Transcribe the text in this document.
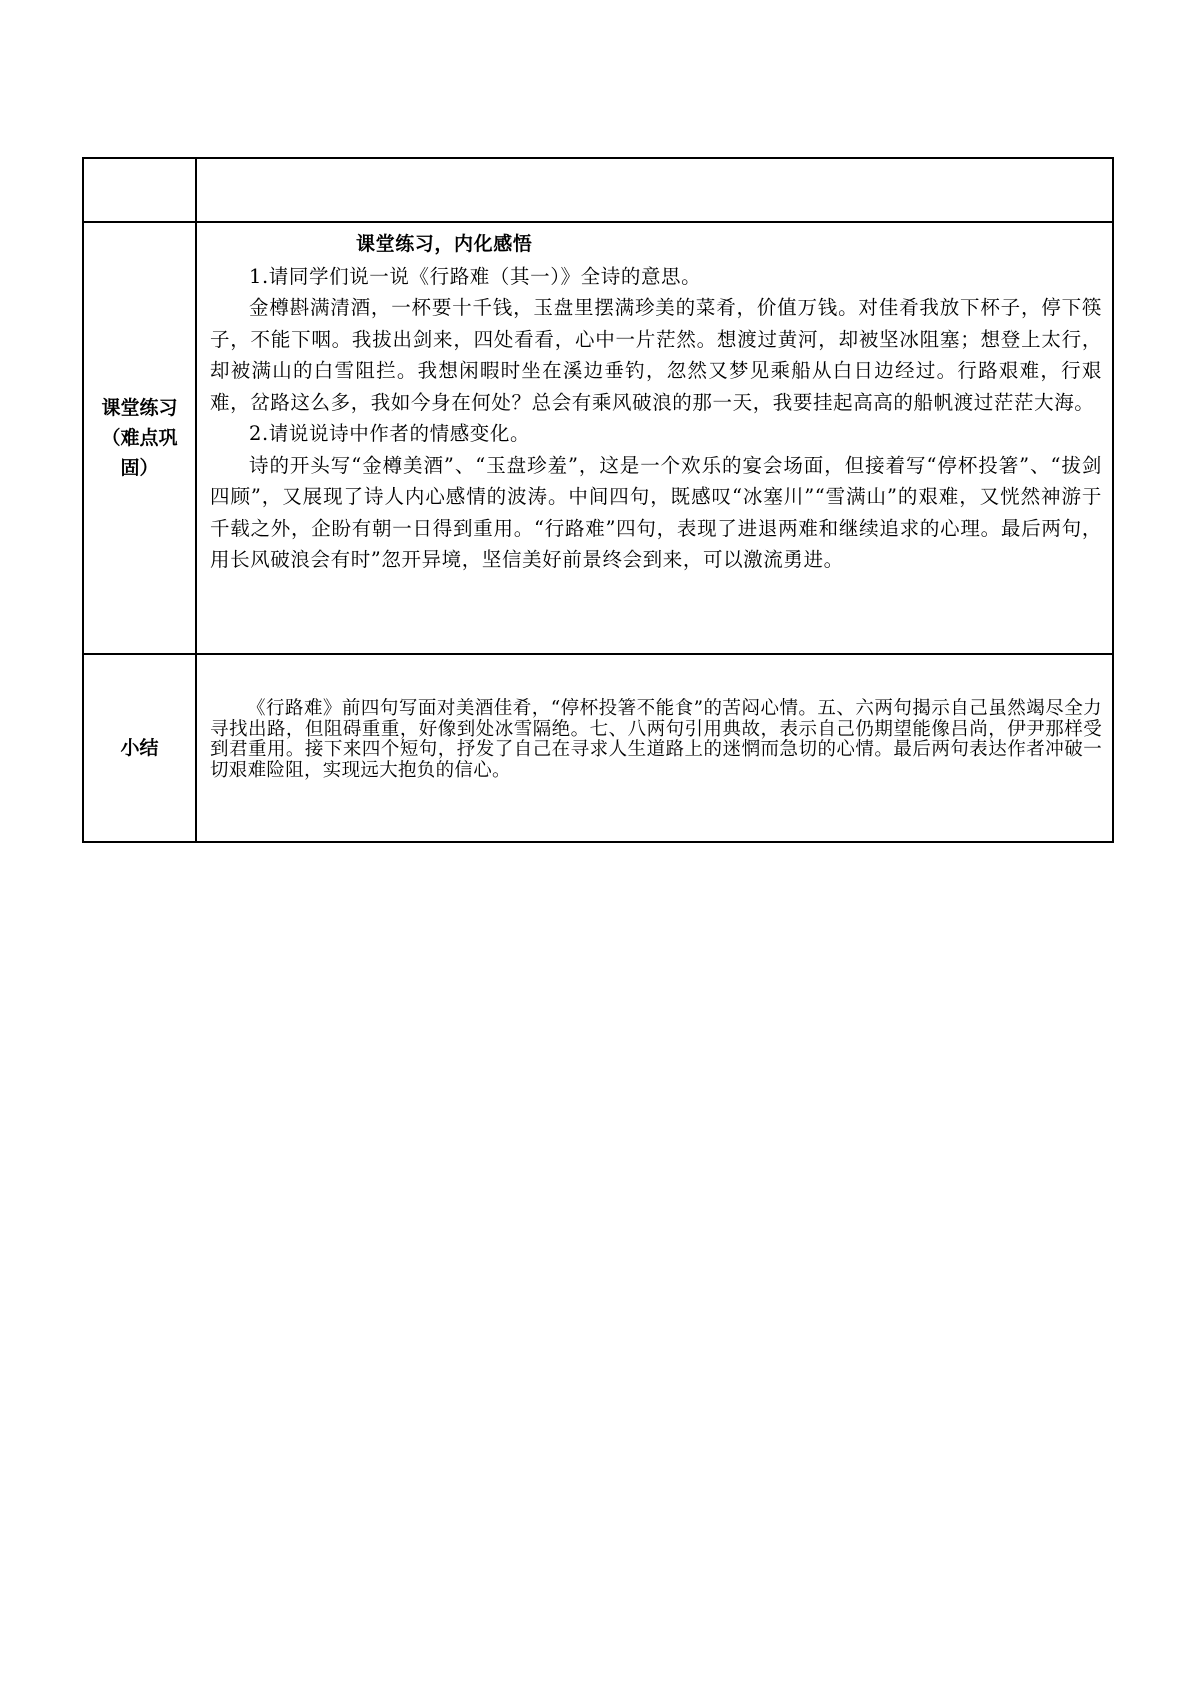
课堂练习（难点巩固）	课堂练习，内化感悟

1.请同学们说一说《行路难（其一）》全诗的意思。

金樽斟满清酒，一杯要十千钱，玉盘里摆满珍美的菜肴，价值万钱。对佳肴我放下杯子，停下筷子，不能下咽。我拔出剑来，四处看看，心中一片茫然。想渡过黄河，却被坚冰阻塞；想登上太行，却被满山的白雪阻拦。我想闲暇时坐在溪边垂钓，忽然又梦见乘船从白日边经过。行路艰难，行艰难，岔路这么多，我如今身在何处？总会有乘风破浪的那一天，我要挂起高高的船帆渡过茫茫大海。

2.请说说诗中作者的情感变化。

诗的开头写“金樽美酒”、“玉盘珍羞”，这是一个欢乐的宴会场面，但接着写“停杯投箸”、“拔剑四顾”，又展现了诗人内心感情的波涛。中间四句，既感叹“冰塞川”“雪满山”的艰难，又恍然神游于千载之外，企盼有朝一日得到重用。“行路难”四句，表现了进退两难和继续追求的心理。最后两句，用长风破浪会有时”忽开异境，坚信美好前景终会到来，可以激流勇进。

小结	《行路难》前四句写面对美酒佳肴，“停杯投箸不能食”的苦闷心情。五、六两句揭示自己虽然竭尽全力寻找出路，但阻碍重重，好像到处冰雪隔绝。七、八两句引用典故，表示自己仍期望能像吕尚，伊尹那样受到君重用。接下来四个短句，抒发了自己在寻求人生道路上的迷惘而急切的心情。最后两句表达作者冲破一切艰难险阻，实现远大抱负的信心。
